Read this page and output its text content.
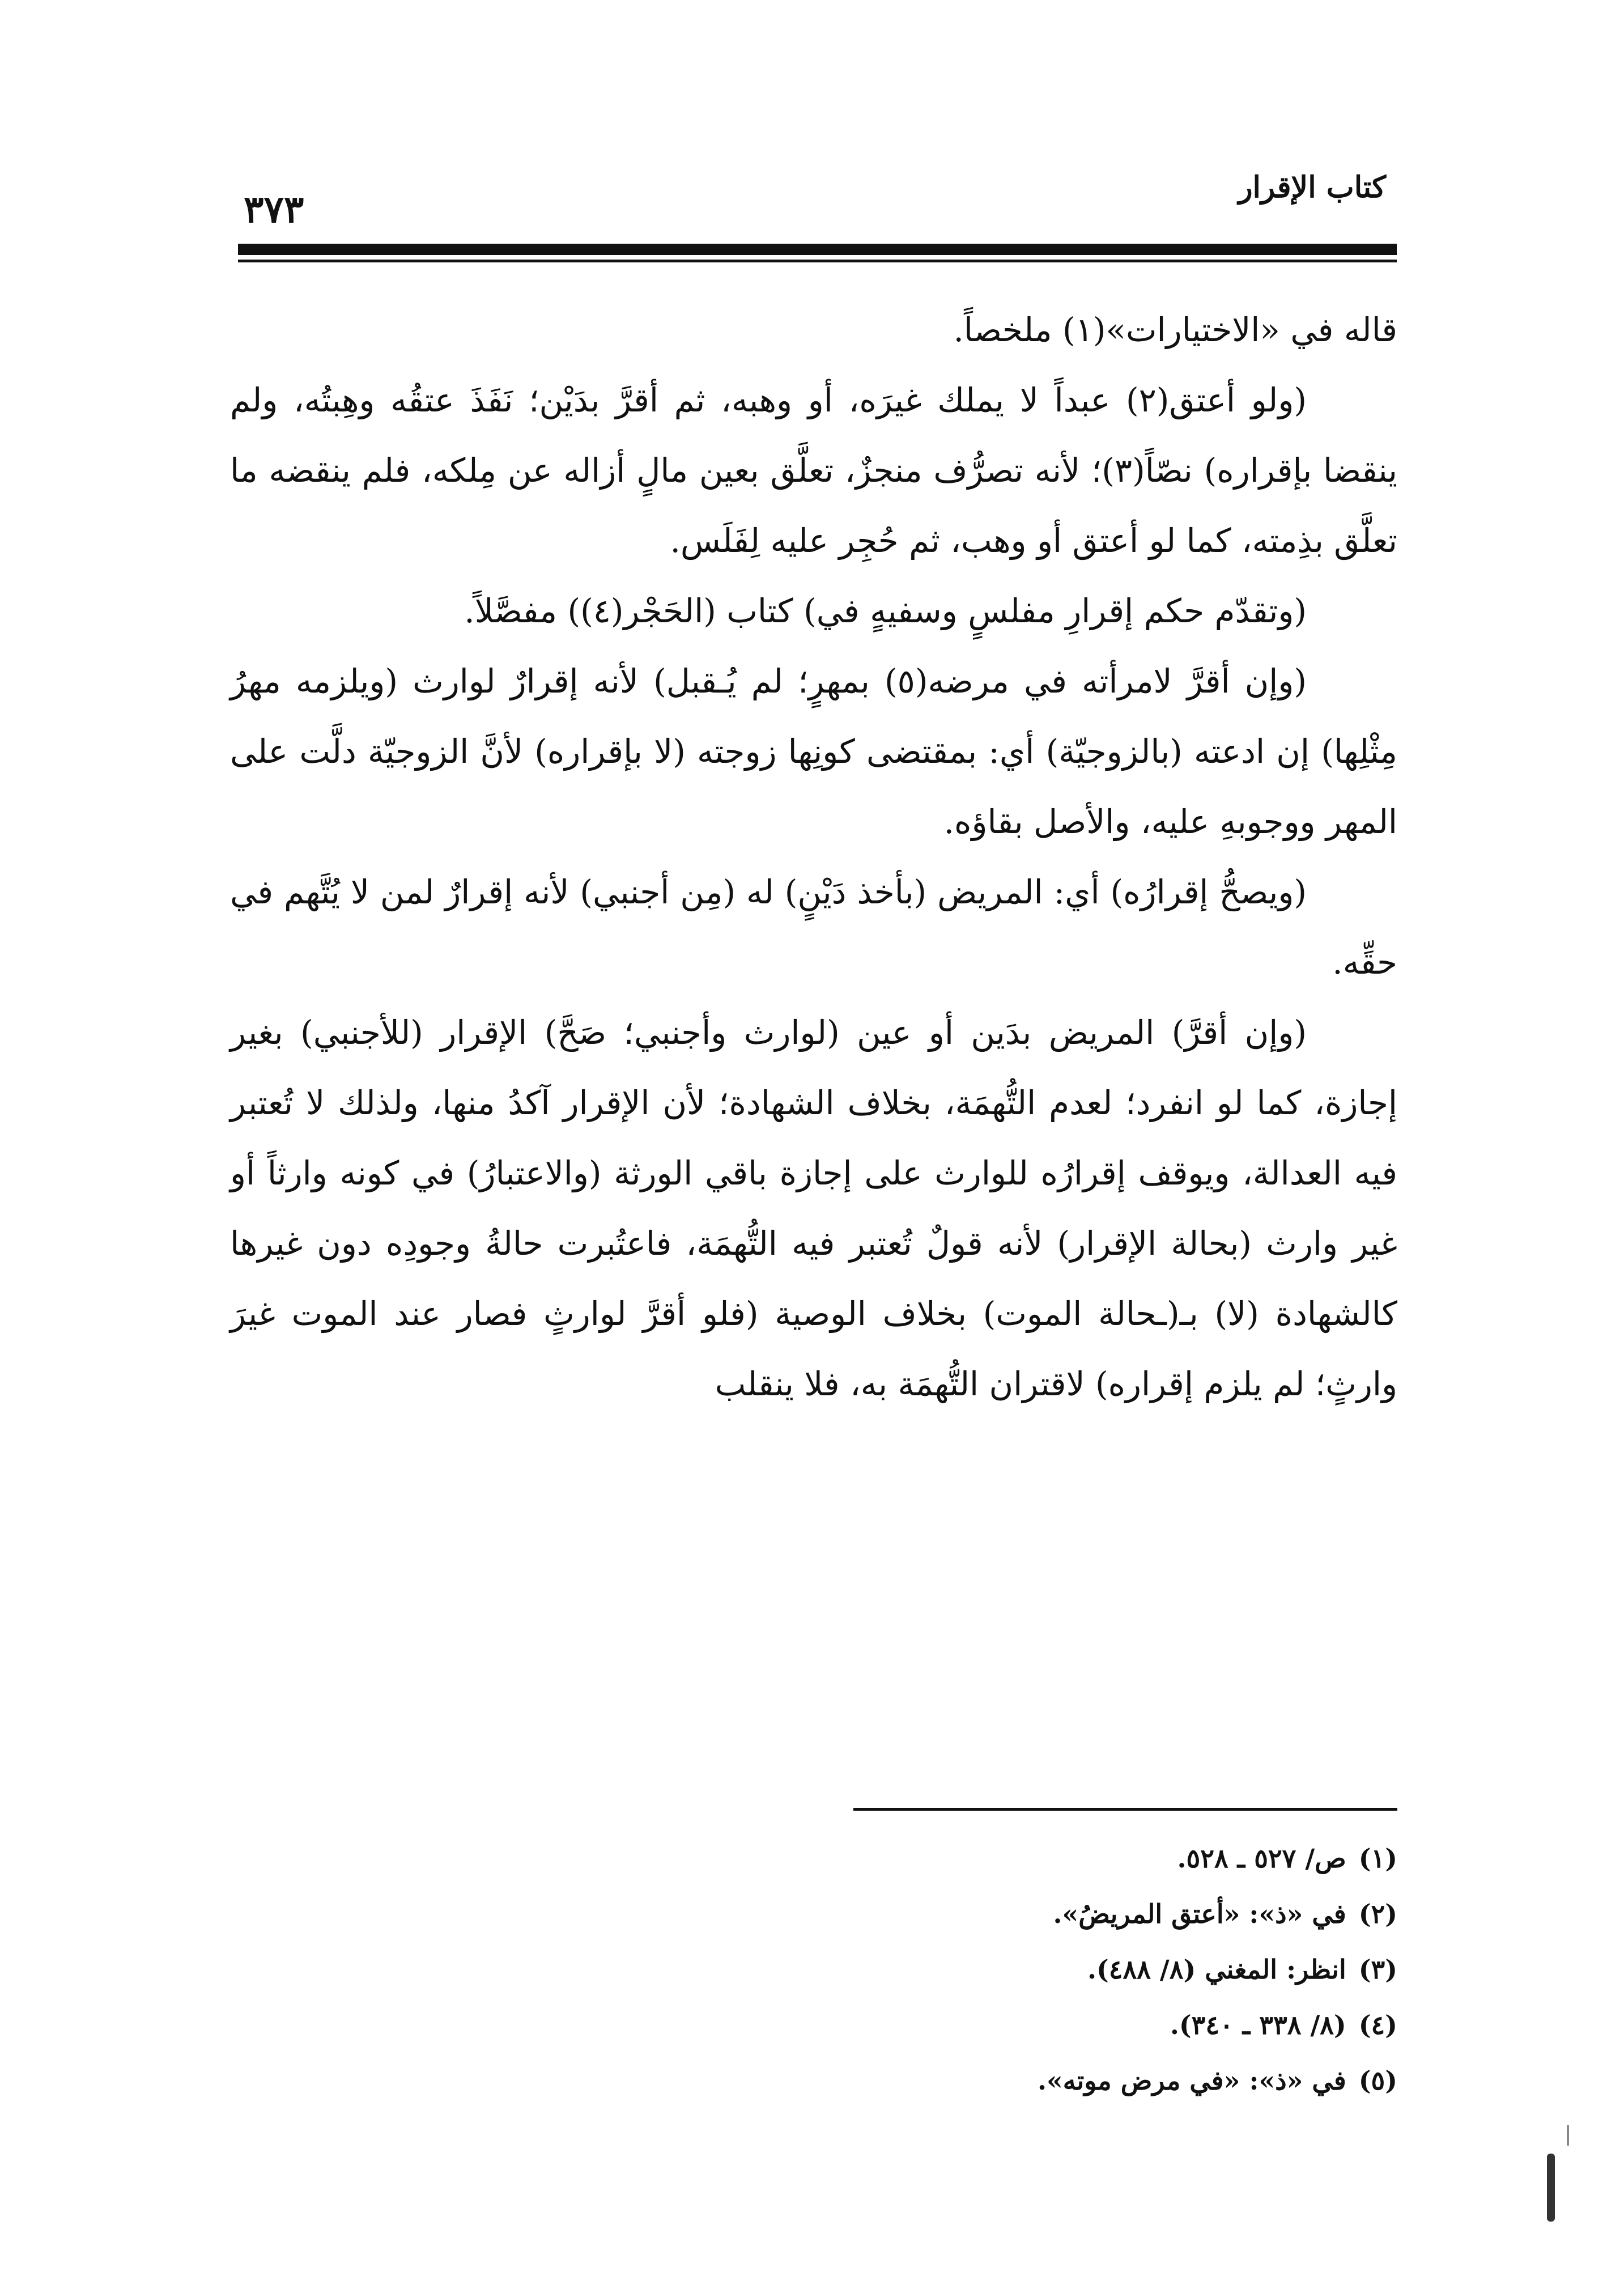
كتاب الإقرار
٣٧٣

قاله في «الاختيارات»(١) ملخصاً.

(ولو أعتق(٢) عبداً لا يملك غيرَه، أو وهبه، ثم أقرَّ بدَيْن؛ نَفَذَ عتقُه وهِبتُه، ولم ينقضا بإقراره) نصّاً(٣)؛ لأنه تصرُّف منجزٌ، تعلَّق بعين مالٍ أزاله عن مِلكه، فلم ينقضه ما تعلَّق بذِمته، كما لو أعتق أو وهب، ثم حُجِر عليه لِفَلَس.

(وتقدّم حكم إقرارِ مفلسٍ وسفيهٍ في) كتاب (الحَجْر(٤)) مفصَّلاً.

(وإن أقرَّ لامرأته في مرضه(٥) بمهرٍ؛ لم يُـقبل) لأنه إقرارٌ لوارث (ويلزمه مهرُ مِثْلِها) إن ادعته (بالزوجيّة) أي: بمقتضى كونِها زوجته (لا بإقراره) لأنَّ الزوجيّة دلَّت على المهر ووجوبهِ عليه، والأصل بقاؤه.

(ويصحُّ إقرارُه) أي: المريض (بأخذ دَيْنٍ) له (مِن أجنبي) لأنه إقرارٌ لمن لا يُتَّهم في حقِّه.

(وإن أقرَّ) المريض بدَين أو عين (لوارث وأجنبي؛ صَحَّ) الإقرار (للأجنبي) بغير إجازة، كما لو انفرد؛ لعدم التُّهمَة، بخلاف الشهادة؛ لأن الإقرار آكدُ منها، ولذلك لا تُعتبر فيه العدالة، ويوقف إقرارُه للوارث على إجازة باقي الورثة (والاعتبارُ) في كونه وارثاً أو غير وارث (بحالة الإقرار) لأنه قولٌ تُعتبر فيه التُّهمَة، فاعتُبرت حالةُ وجودِه دون غيرها كالشهادة (لا) بـ(ـحالة الموت) بخلاف الوصية (فلو أقرَّ لوارثٍ فصار عند الموت غيرَ وارثٍ؛ لم يلزم إقراره) لاقتران التُّهمَة به، فلا ينقلب

(١)ص/ ٥٢٧ ـ ٥٢٨.
(٢)في «ذ»: «أعتق المريضُ».
(٣)انظر: المغني (٨/ ٤٨٨).
(٤)(٨/ ٣٣٨ ـ ٣٤٠).
(٥)في «ذ»: «في مرض موته».
